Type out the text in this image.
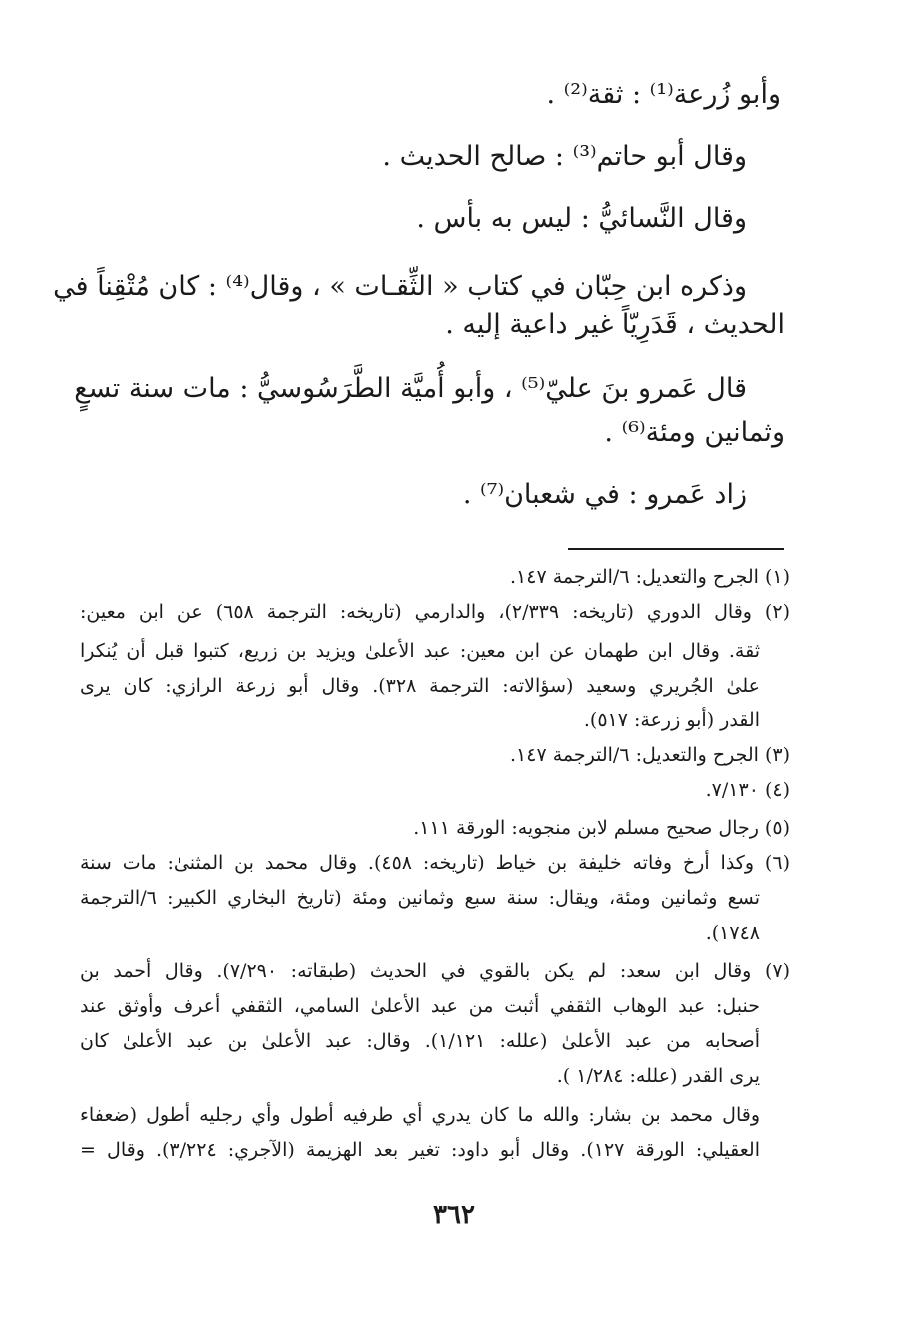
وأبو زُرعة⁽¹⁾ : ثقة⁽²⁾ .
وقال أبو حاتم⁽³⁾ : صالح الحديث .
وقال النَّسائيُّ : ليس به بأس .
وذكره ابن حِبّان في كتاب « الثِّقـات » ، وقال⁽⁴⁾ : كان مُتْقِناً في
الحديث ، قَدَرِيّاً غير داعية إليه .
قال عَمرو بنَ عليّ⁽⁵⁾ ، وأبو أُميَّة الطَّرَسُوسيُّ : مات سنة تسعٍ
وثمانين ومئة⁽⁶⁾ .
زاد عَمرو : في شعبان⁽⁷⁾ .
(١) الجرح والتعديل: ٦/الترجمة ١٤٧.
(٢) وقال الدوري (تاريخه: ٢/٣٣٩)، والدارمي (تاريخه: الترجمة ٦٥٨) عن ابن معين:
ثقة. وقال ابن طهمان عن ابن معين: عبد الأعلىٰ ويزيد بن زريع، كتبوا قبل أن يُنكرا
علىٰ الجُريري وسعيد (سؤالاته: الترجمة ٣٢٨). وقال أبو زرعة الرازي: كان يرى
القدر (أبو زرعة: ٥١٧).
(٣) الجرح والتعديل: ٦/الترجمة ١٤٧.
(٤) ٧/١٣٠.
(٥) رجال صحيح مسلم لابن منجويه: الورقة ١١١.
(٦) وكذا أرخ وفاته خليفة بن خياط (تاريخه: ٤٥٨). وقال محمد بن المثنىٰ: مات سنة
تسع وثمانين ومئة، ويقال: سنة سبع وثمانين ومئة (تاريخ البخاري الكبير: ٦/الترجمة
١٧٤٨).
(٧) وقال ابن سعد: لم يكن بالقوي في الحديث (طبقاته: ٧/٢٩٠). وقال أحمد بن
حنبل: عبد الوهاب الثقفي أثبت من عبد الأعلىٰ السامي، الثقفي أعرف وأوثق عند
أصحابه من عبد الأعلىٰ (علله: ١/١٢١). وقال: عبد الأعلىٰ بن عبد الأعلىٰ كان
يرى القدر (علله: ١/٢٨٤ ).
وقال محمد بن بشار: والله ما كان يدري أي طرفيه أطول وأي رجليه أطول (ضعفاء
العقيلي: الورقة ١٢٧). وقال أبو داود: تغير بعد الهزيمة (الآجري: ٣/٢٢٤). وقال =
٣٦٢
